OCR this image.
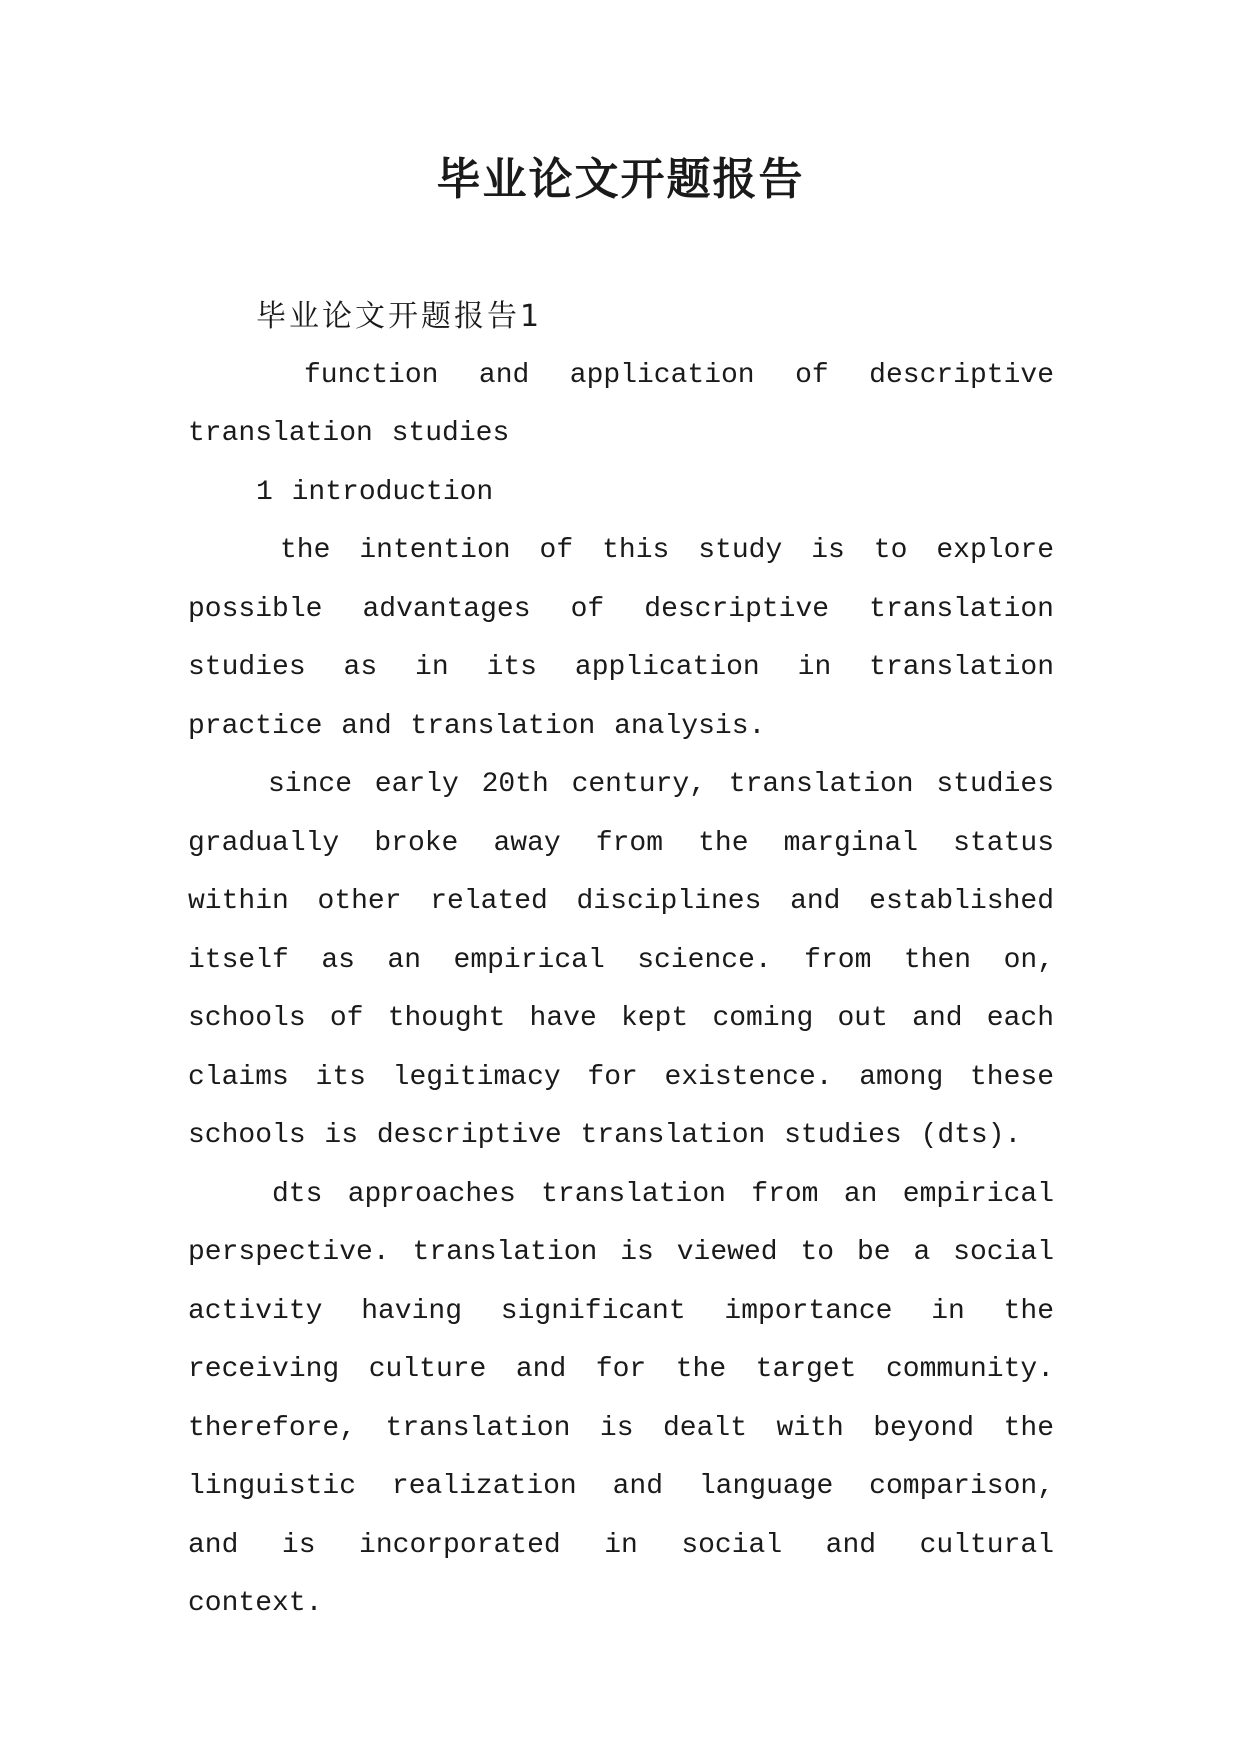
毕业论文开题报告

毕业论文开题报告1

function and application of descriptive translation studies

1 introduction

the intention of this study is to explore possible advantages of descriptive translation studies as in its application in translation practice and translation analysis.

since early 20th century, translation studies gradually broke away from the marginal status within other related disciplines and established itself as an empirical science. from then on, schools of thought have kept coming out and each claims its legitimacy for existence. among these schools is descriptive translation studies (dts).

dts approaches translation from an empirical perspective. translation is viewed to be a social activity having significant importance in the receiving culture and for the target community. therefore, translation is dealt with beyond the linguistic realization and language comparison, and is incorporated in social and cultural context.
